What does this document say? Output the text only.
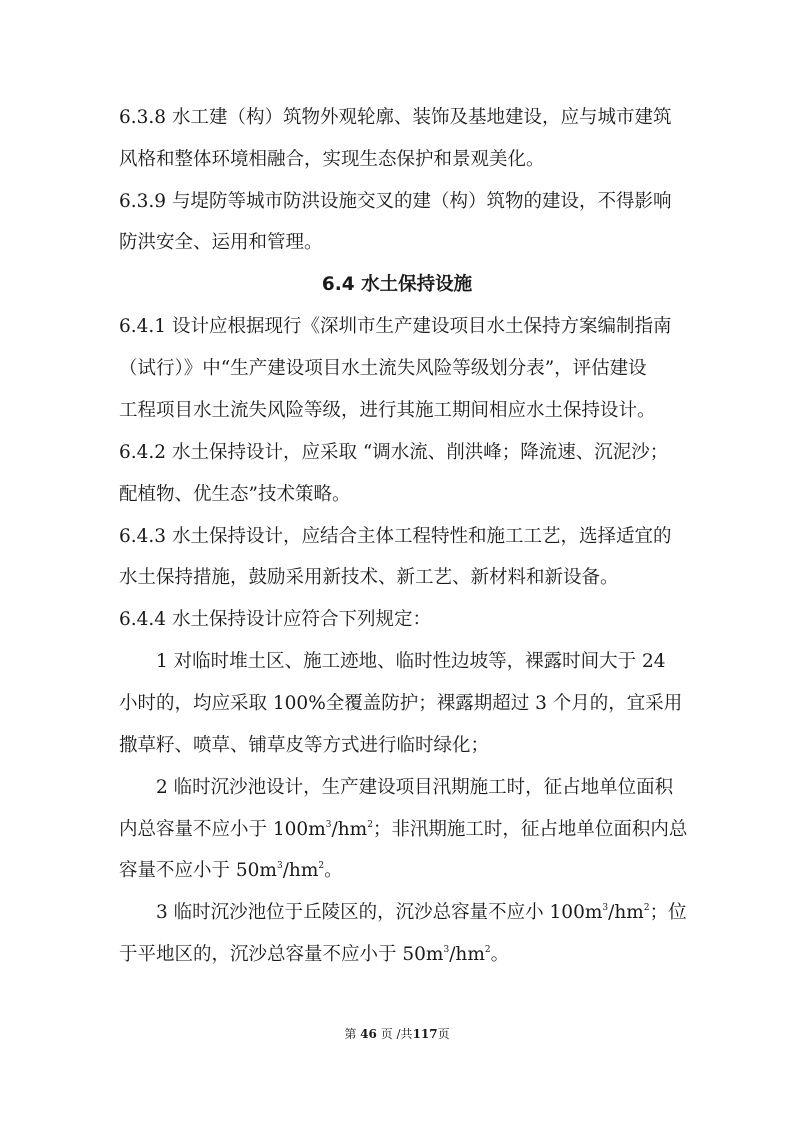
6.3.8 水工建（构）筑物外观轮廓、装饰及基地建设，应与城市建筑
风格和整体环境相融合，实现生态保护和景观美化。
6.3.9 与堤防等城市防洪设施交叉的建（构）筑物的建设，不得影响
防洪安全、运用和管理。
6.4 水土保持设施
6.4.1 设计应根据现行《深圳市生产建设项目水土保持方案编制指南
（试行）》中“生产建设项目水土流失风险等级划分表”，评估建设
工程项目水土流失风险等级，进行其施工期间相应水土保持设计。
6.4.2 水土保持设计，应采取 “调水流、削洪峰；降流速、沉泥沙；
配植物、优生态”技术策略。
6.4.3 水土保持设计，应结合主体工程特性和施工工艺，选择适宜的
水土保持措施，鼓励采用新技术、新工艺、新材料和新设备。
6.4.4 水土保持设计应符合下列规定：
1 对临时堆土区、施工迹地、临时性边坡等，裸露时间大于 24
小时的，均应采取 100%全覆盖防护；裸露期超过 3 个月的，宜采用
撒草籽、喷草、铺草皮等方式进行临时绿化；
2 临时沉沙池设计，生产建设项目汛期施工时，征占地单位面积
内总容量不应小于 $100m^3/hm^2$；非汛期施工时，征占地单位面积内总
容量不应小于 $50m^3/hm^2$。
3 临时沉沙池位于丘陵区的，沉沙总容量不应小 $100m^3/hm^2$；位
于平地区的，沉沙总容量不应小于 $50m^3/hm^2$。
第 46 页 /共117页
